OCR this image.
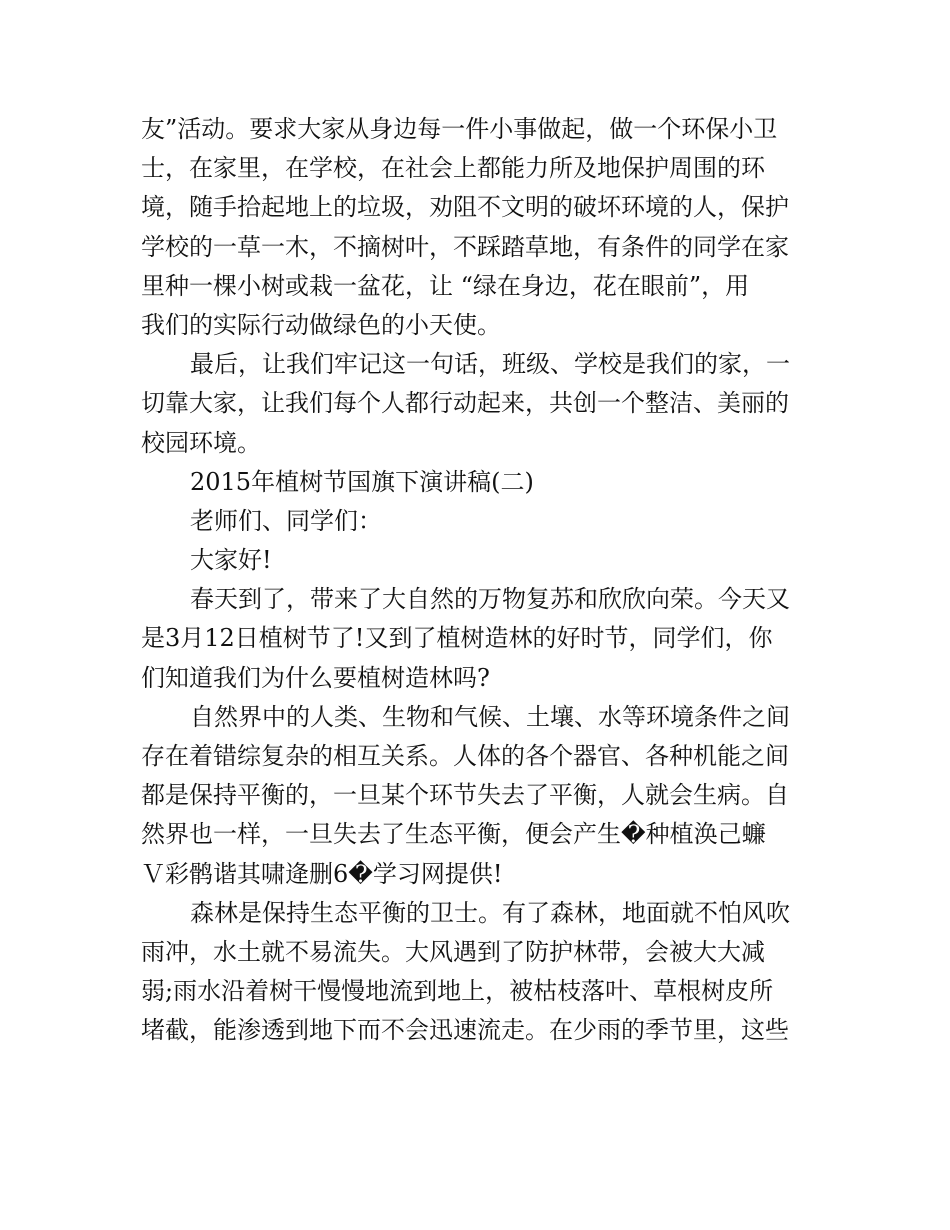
友”活动。要求大家从身边每一件小事做起，做一个环保小卫
士，在家里，在学校，在社会上都能力所及地保护周围的环
境，随手拾起地上的垃圾，劝阻不文明的破坏环境的人，保护
学校的一草一木，不摘树叶，不踩踏草地，有条件的同学在家
里种一棵小树或栽一盆花，让 “绿在身边，花在眼前”，用
我们的实际行动做绿色的小天使。
最后，让我们牢记这一句话，班级、学校是我们的家，一
切靠大家，让我们每个人都行动起来，共创一个整洁、美丽的
校园环境。
2015年植树节国旗下演讲稿(二)
老师们、同学们：
大家好!
春天到了，带来了大自然的万物复苏和欣欣向荣。今天又
是3月12日植树节了!又到了植树造林的好时节，同学们，你
们知道我们为什么要植树造林吗?
自然界中的人类、生物和气候、土壤、水等环境条件之间
存在着错综复杂的相互关系。人体的各个器官、各种机能之间
都是保持平衡的，一旦某个环节失去了平衡，人就会生病。自
然界也一样，一旦失去了生态平衡，便会产生�种植涣己蠊
Ｖ彩鹘谐其啸逄删6�学习网提供!
森林是保持生态平衡的卫士。有了森林，地面就不怕风吹
雨冲，水土就不易流失。大风遇到了防护林带，会被大大减
弱;雨水沿着树干慢慢地流到地上，被枯枝落叶、草根树皮所
堵截，能渗透到地下而不会迅速流走。在少雨的季节里，这些
